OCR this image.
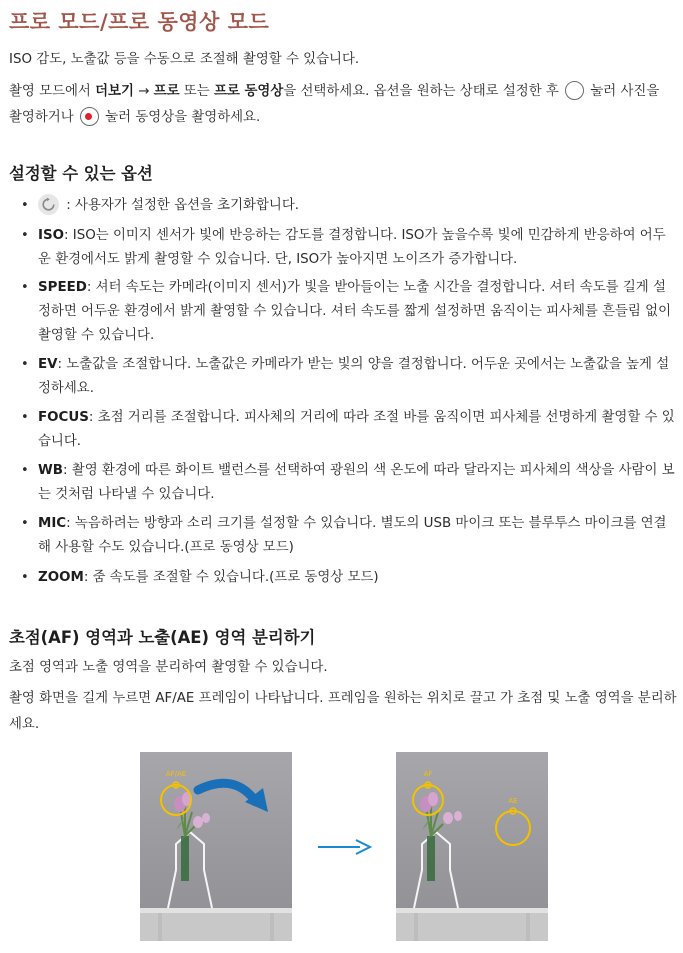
프로 모드/프로 동영상 모드

ISO 감도, 노출값 등을 수동으로 조절해 촬영할 수 있습니다.

촬영 모드에서 더보기 → 프로 또는 프로 동영상을 선택하세요. 옵션을 원하는 상태로 설정한 후  눌러 사진을
촬영하거나  눌러 동영상을 촬영하세요.

설정할 수 있는 옵션
• : 사용자가 설정한 옵션을 초기화합니다.
• ISO: ISO는 이미지 센서가 빛에 반응하는 감도를 결정합니다. ISO가 높을수록 빛에 민감하게 반응하여 어두운 환경에서도 밝게 촬영할 수 있습니다. 단, ISO가 높아지면 노이즈가 증가합니다.
• SPEED: 셔터 속도는 카메라(이미지 센서)가 빛을 받아들이는 노출 시간을 결정합니다. 셔터 속도를 길게 설정하면 어두운 환경에서 밝게 촬영할 수 있습니다. 셔터 속도를 짧게 설정하면 움직이는 피사체를 흔들림 없이 촬영할 수 있습니다.
• EV: 노출값을 조절합니다. 노출값은 카메라가 받는 빛의 양을 결정합니다. 어두운 곳에서는 노출값을 높게 설정하세요.
• FOCUS: 초점 거리를 조절합니다. 피사체의 거리에 따라 조절 바를 움직이면 피사체를 선명하게 촬영할 수 있습니다.
• WB: 촬영 환경에 따른 화이트 밸런스를 선택하여 광원의 색 온도에 따라 달라지는 피사체의 색상을 사람이 보는 것처럼 나타낼 수 있습니다.
• MIC: 녹음하려는 방향과 소리 크기를 설정할 수 있습니다. 별도의 USB 마이크 또는 블루투스 마이크를 연결해 사용할 수도 있습니다.(프로 동영상 모드)
• ZOOM: 줌 속도를 조절할 수 있습니다.(프로 동영상 모드)
초점(AF) 영역과 노출(AE) 영역 분리하기

초점 영역과 노출 영역을 분리하여 촬영할 수 있습니다.

촬영 화면을 길게 누르면 AF/AE 프레임이 나타납니다. 프레임을 원하는 위치로 끌고 가 초점 및 노출 영역을 분리하세요.

AF/AE	AF
AE
